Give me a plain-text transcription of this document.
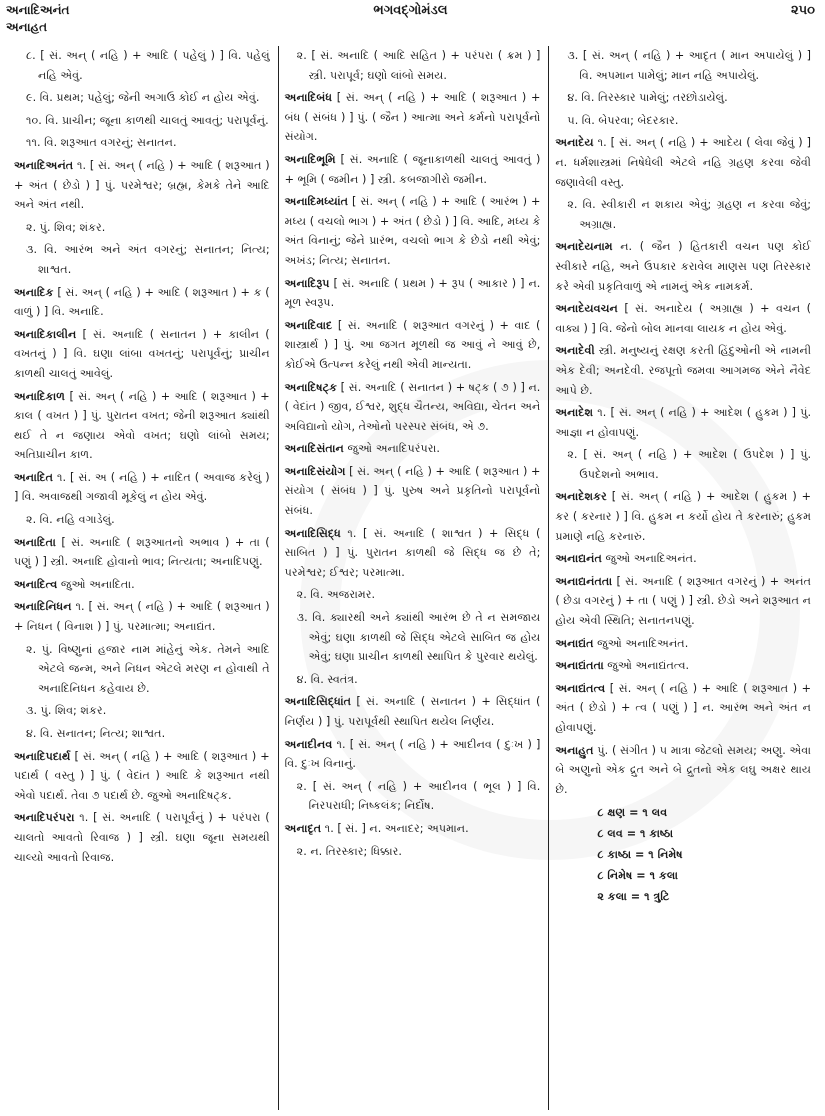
અનાદિઅનંત
અનાહત
ભગવદ્ગોમંડલ	૨૫૦
૮. [ સં. અન્ ( નહિ ) + આદિ ( પહેલું ) ] વિ. પહેલું નહિ એવું.
૯. વિ. પ્રથમ; પહેલું; જેની અગાઉ કોઈ ન હોય એવું.
૧૦. વિ. પ્રાચીન; જૂના કાળથી ચાલતું આવતું; પરાપૂર્વનું.
૧૧. વિ. શરૂઆત વગરનું; સનાતન.
અનાદિઅનંત ૧. [ સં. અન્ ( નહિ ) + આદિ ( શરૂઆત ) + અંત ( છેડો ) ] પું. પરમેશ્વર; બ્રહ્મ, કેમકે તેને આદિ અને અંત નથી.
૨. પું. શિવ; શંકર.
૩. વિ. આરંભ અને અંત વગરનું; સનાતન; નિત્ય; શાશ્વત.
અનાદિક [ સં. અન્ ( નહિ ) + આદિ ( શરૂઆત ) + ક ( વાળું ) ] વિ. અનાદિ.
અનાદિકાલીન [ સં. અનાદિ ( સનાતન ) + કાલીન ( વખતનું ) ] વિ. ઘણા લાંબા વખતનું; પરાપૂર્વનું; પ્રાચીન કાળથી ચાલતું આવેલું.
અનાદિકાળ [ સં. અન્ ( નહિ ) + આદિ ( શરૂઆત ) + કાલ ( વખત ) ] પું. પુરાતન વખત; જેની શરૂઆત ક્યાંથી થઈ તે ન જણાય એવો વખત; ઘણો લાંબો સમય; અતિપ્રાચીન કાળ.
અનાદિત ૧. [ સં. અ ( નહિ ) + નાદિત ( અવાજ કરેલું ) ] વિ. અવાજથી ગજાવી મૂકેલું ન હોય એવું.
૨. વિ. નહિ વગાડેલું.
અનાદિતા [ સં. અનાદિ ( શરૂઆતનો અભાવ ) + તા ( પણું ) ] સ્ત્રી. અનાદિ હોવાનો ભાવ; નિત્યતા; અનાદિપણું.
અનાદિત્વ જુઓ અનાદિતા.
અનાદિનિધન ૧. [ સં. અન્ ( નહિ ) + આદિ ( શરૂઆત ) + નિધન ( વિનાશ ) ] પું. પરમાત્મા; અનાદ્યંત.
૨. પું. વિષ્ણુનાં હજાર નામ માંહેનું એક. તેમને આદિ એટલે જન્મ, અને નિધન એટલે મરણ ન હોવાથી તે અનાદિનિધન કહેવાય છે.
૩. પું. શિવ; શંકર.
૪. વિ. સનાતન; નિત્ય; શાશ્વત.
અનાદિપદાર્થ [ સં. અન્ ( નહિ ) + આદિ ( શરૂઆત ) + પદાર્થ ( વસ્તુ ) ] પું. ( વેદાંત ) આદિ કે શરૂઆત નથી એવો પદાર્થ. તેવા ૭ પદાર્થ છે. જુઓ અનાદિષટ્ક.
અનાદિપરંપરા ૧. [ સં. અનાદિ ( પરાપૂર્વનું ) + પરંપરા ( ચાલતો આવતો રિવાજ ) ] સ્ત્રી. ઘણા જૂના સમયથી ચાલ્યો આવતો રિવાજ.
૨. [ સં. અનાદિ ( આદિ સહિત ) + પરંપરા ( ક્રમ ) ] સ્ત્રી. પરાપૂર્વ; ઘણો લાંબો સમય.
અનાદિબંધ [ સં. અન્ ( નહિ ) + આદિ ( શરૂઆત ) + બંધ ( સંબંધ ) ] પું. ( જૈન ) આત્મા અને કર્મનો પરાપૂર્વનો સંયોગ.
અનાદિભૂમિ [ સં. અનાદિ ( જૂનાકાળથી ચાલતું આવતું ) + ભૂમિ ( જમીન ) ] સ્ત્રી. કબજાગીરો જમીન.
અનાદિમધ્યાંત [ સં. અન્ ( નહિ ) + આદિ ( આરંભ ) + મધ્ય ( વચલો ભાગ ) + અંત ( છેડો ) ] વિ. આદિ, મધ્ય કે અંત વિનાનું; જેને પ્રારંભ, વચલો ભાગ કે છેડો નથી એવું; અખંડ; નિત્ય; સનાતન.
અનાદિરૂપ [ સં. અનાદિ ( પ્રથમ ) + રૂપ ( આકાર ) ] ન. મૂળ સ્વરૂપ.
અનાદિવાદ [ સં. અનાદિ ( શરૂઆત વગરનું ) + વાદ ( શાસ્ત્રાર્થ ) ] પું. આ જગત મૂળથી જ આવું ને આવું છે, કોઈએ ઉત્પન્ન કરેલું નથી એવી માન્યતા.
અનાદિષટ્ક [ સં. અનાદિ ( સનાતન ) + ષટ્ક ( ૭ ) ] ન. ( વેદાંત ) જીવ, ઈશ્વર, શુદ્ધ ચૈતન્ય, અવિદ્યા, ચેતન અને અવિદ્યાનો યોગ, તેઓનો પરસ્પર સંબંધ, એ ૭.
અનાદિસંતાન જુઓ અનાદિપરંપરા.
અનાદિસંયોગ [ સં. અન્ ( નહિ ) + આદિ ( શરૂઆત ) + સંયોગ ( સંબંધ ) ] પું. પુરુષ અને પ્રકૃતિનો પરાપૂર્વનો સંબંધ.
અનાદિસિદ્ધ ૧. [ સં. અનાદિ ( શાશ્વત ) + સિદ્ધ ( સાબિત ) ] પું. પુરાતન કાળથી જે સિદ્ધ જ છે તે; પરમેશ્વર; ઈશ્વર; પરમાત્મા.
૨. વિ. અજરામર.
૩. વિ. ક્યારથી અને ક્યાંથી આરંભ છે તે ન સમજાય એવું; ઘણા કાળથી જે સિદ્ધ એટલે સાબિત જ હોય એવું; ઘણા પ્રાચીન કાળથી સ્થાપિત કે પુરવાર થયેલું.
૪. વિ. સ્વતંત્ર.
અનાદિસિદ્ધાંત [ સં. અનાદિ ( સનાતન ) + સિદ્ધાંત ( નિર્ણય ) ] પું. પરાપૂર્વથી સ્થાપિત થયેલ નિર્ણય.
અનાદીનવ ૧. [ સં. અન્ ( નહિ ) + આદીનવ ( દુઃખ ) ] વિ. દુઃખ વિનાનું.
૨. [ સં. અન્ ( નહિ ) + આદીનવ ( ભૂલ ) ] વિ. નિરપરાધી; નિષ્કલંક; નિર્દોષ.
અનાદૃત ૧. [ સં. ] ન. અનાદર; અપમાન.
૨. ન. તિરસ્કાર; ધિક્કાર.
૩. [ સં. અન્ ( નહિ ) + આદૃત ( માન અપાયેલું ) ] વિ. અપમાન પામેલું; માન નહિ અપાયેલું.
૪. વિ. તિરસ્કાર પામેલું; તરછોડાયેલું.
૫. વિ. બેપરવા; બેદરકાર.
અનાદેય ૧. [ સં. અન્ ( નહિ ) + આદેય ( લેવા જેવું ) ] ન. ધર્મશાસ્ત્રમાં નિષેધેલી એટલે નહિ ગ્રહણ કરવા જેવી જણાવેલી વસ્તુ.
૨. વિ. સ્વીકારી ન શકાય એવું; ગ્રહણ ન કરવા જેવું; અગ્રાહ્ય.
અનાદેયનામ ન. ( જૈન ) હિતકારી વચન પણ કોઈ સ્વીકારે નહિ, અને ઉપકાર કરાવેલ માણસ પણ તિરસ્કાર કરે એવી પ્રકૃતિવાળું એ નામનું એક નામકર્મ.
અનાદેયવચન [ સં. અનાદેય ( અગ્રાહ્ય ) + વચન ( વાક્ય ) ] વિ. જેનો બોલ માનવા લાયક ન હોય એવું.
અનાદેવી સ્ત્રી. મનુષ્યનું રક્ષણ કરતી હિંદુઓની એ નામની એક દેવી; અનદેવી. રજપૂતો જમવા આગમજ એને નૈવેદ આપે છે.
અનાદેશ ૧. [ સં. અન્ ( નહિ ) + આદેશ ( હુકમ ) ] પું. આજ્ઞા ન હોવાપણું.
૨. [ સં. અન્ ( નહિ ) + આદેશ ( ઉપદેશ ) ] પું. ઉપદેશનો અભાવ.
અનાદેશકર [ સં. અન્ ( નહિ ) + આદેશ ( હુકમ ) + કર ( કરનાર ) ] વિ. હુકમ ન કર્યો હોય તે કરનારું; હુકમ પ્રમાણે નહિ કરનારું.
અનાદ્યનંત જુઓ અનાદિઅનંત.
અનાદ્યનંતતા [ સં. અનાદિ ( શરૂઆત વગરનું ) + અનંત ( છેડા વગરનું ) + તા ( પણું ) ] સ્ત્રી. છેડો અને શરૂઆત ન હોય એવી સ્થિતિ; સનાતનપણું.
અનાદ્યંત જુઓ અનાદિઅનંત.
અનાદ્યંતતા જુઓ અનાદ્યંતત્વ.
અનાદ્યંતત્વ [ સં. અન્ ( નહિ ) + આદિ ( શરૂઆત ) + અંત ( છેડો ) + ત્વ ( પણું ) ] ન. આરંભ અને અંત ન હોવાપણું.
અનાહુત પું. ( સંગીત ) ૫ માત્રા જેટલો સમય; અણુ. એવા બે અણુનો એક દ્રુત અને બે દ્રુતનો એક લઘુ અક્ષર થાય છે.
૮ ક્ષણ = ૧ લવ
૮ લવ = ૧ કાષ્ઠા
૮ કાષ્ઠા = ૧ નિમેષ
૮ નિમેષ = ૧ કલા
૨ કલા = ૧ ત્રુટિ
